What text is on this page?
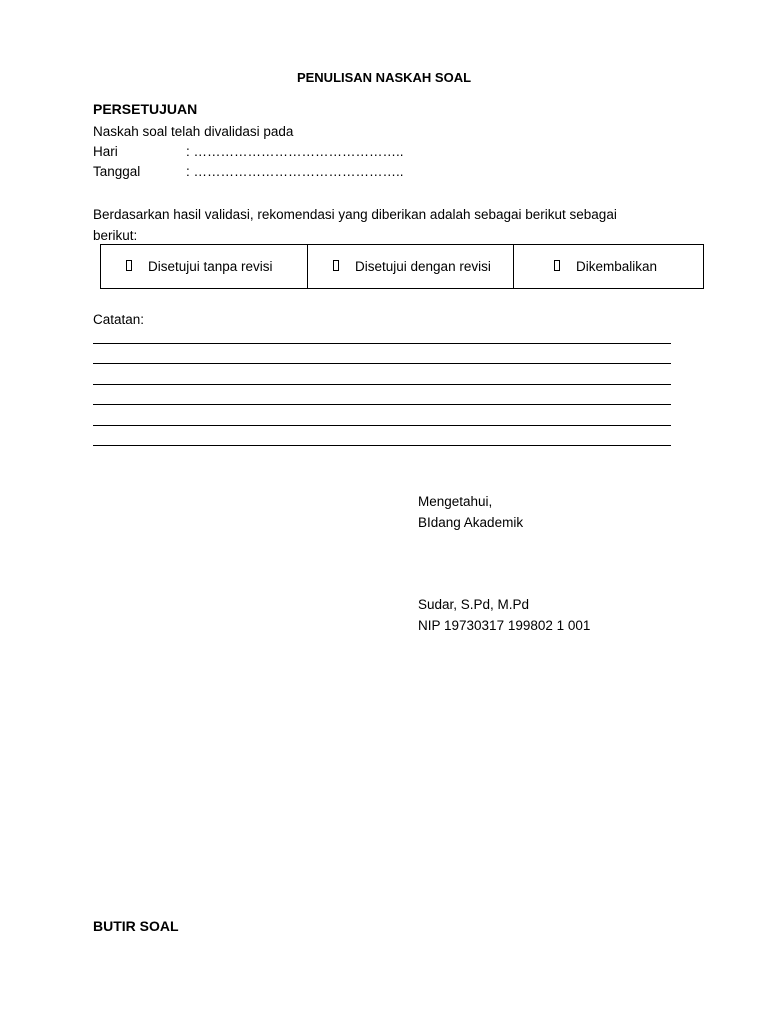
PENULISAN NASKAH SOAL
PERSETUJUAN
Naskah soal telah divalidasi pada
Hari	: ………………………………………..
Tanggal	: ………………………………………..
Berdasarkan hasil validasi, rekomendasi yang diberikan adalah sebagai berikut sebagai berikut:
Disetujui tanpa revisi	Disetujui dengan revisi	Dikembalikan
Catatan:
Mengetahui,
BIdang Akademik
Sudar, S.Pd, M.Pd
NIP 19730317 199802 1 001
BUTIR SOAL
